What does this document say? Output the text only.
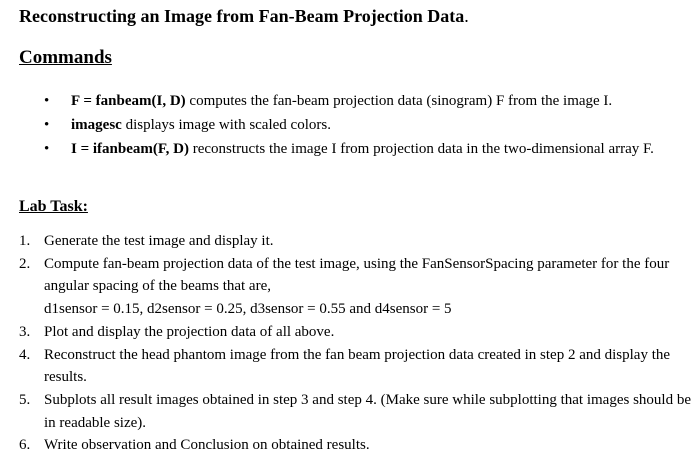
Reconstructing an Image from Fan-Beam Projection Data.
Commands
• F = fanbeam(I, D) computes the fan-beam projection data (sinogram) F from the image I.
• imagesc displays image with scaled colors.
• I = ifanbeam(F, D) reconstructs the image I from projection data in the two-dimensional array F.
Lab Task:
1. Generate the test image and display it.
2. Compute fan-beam projection data of the test image, using the FanSensorSpacing parameter for the four angular spacing of the beams that are,
d1sensor = 0.15, d2sensor = 0.25, d3sensor = 0.55 and d4sensor = 5
3. Plot and display the projection data of all above.
4. Reconstruct the head phantom image from the fan beam projection data created in step 2 and display the results.
5. Subplots all result images obtained in step 3 and step 4. (Make sure while subplotting that images should be in readable size).
6. Write observation and Conclusion on obtained results.
